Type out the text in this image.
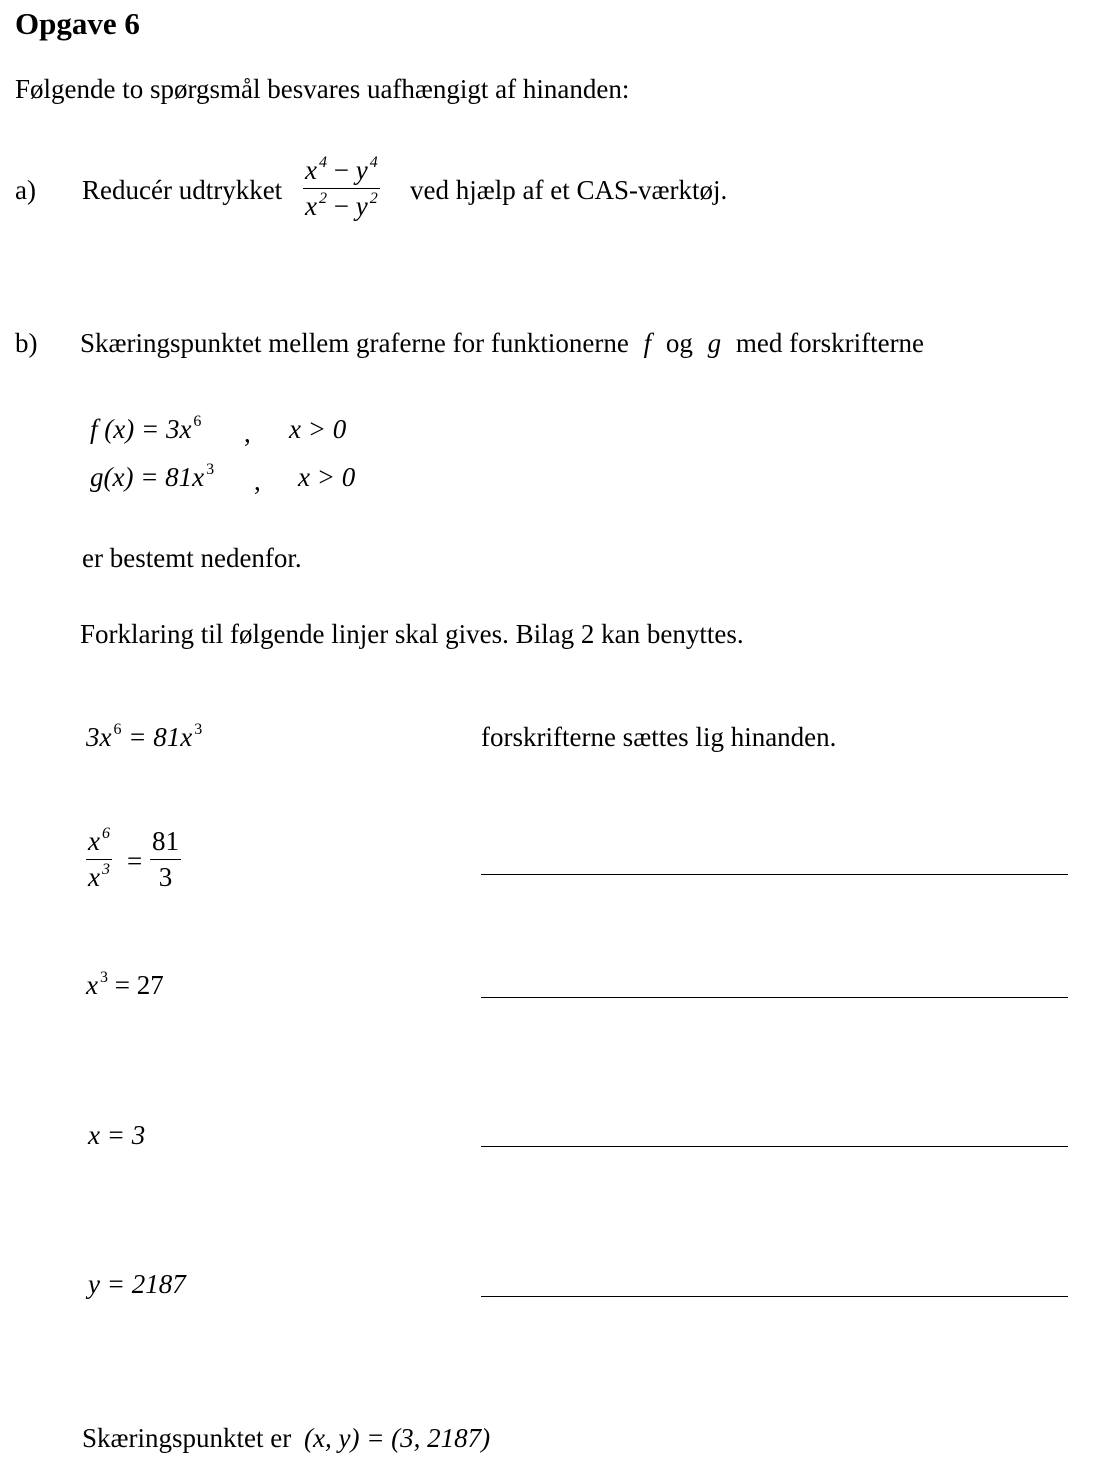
Opgave 6
Følgende to spørgsmål besvares uafhængigt af hinanden:
a) Reducér udtrykket
x $^4$ − y $^4$
x $^2$ − y $^2$ ved hjælp af et CAS-værktøj.
b) Skæringspunktet mellem graferne for funktionerne f og g med forskrifterne
f (x) = 3x $^6$ , x > 0
g(x) = 81x $^3$ , x > 0
er bestemt nedenfor.
Forklaring til følgende linjer skal gives. Bilag 2 kan benyttes.
3x $^6$ = 81x $^3$	forskrifterne sættes lig hinanden.
x $^6$
x $^3$ =
81
3
x $^3$ = 27
x = 3
y = 2187
Skæringspunktet er (x, y) = (3, 2187)
